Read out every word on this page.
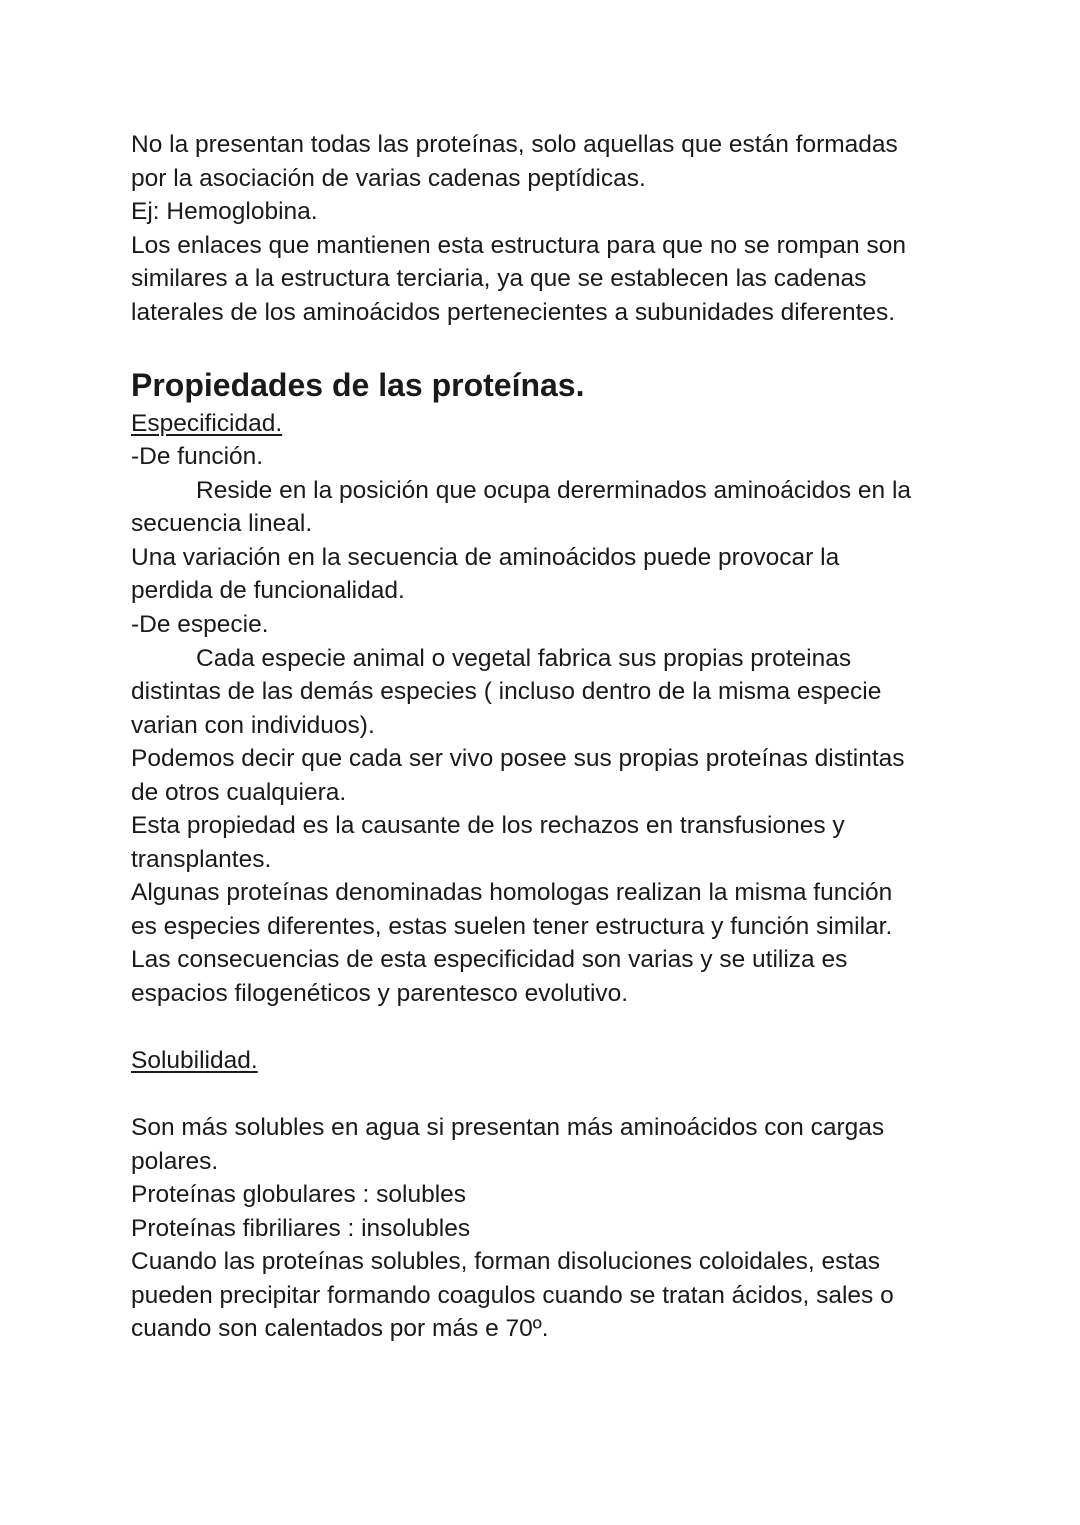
No la presentan todas las proteínas, solo aquellas que están formadas

por la asociación de varias cadenas peptídicas.

Ej: Hemoglobina.

Los enlaces que mantienen esta estructura para que no se rompan son

similares a la estructura terciaria, ya que se establecen las cadenas

laterales de los aminoácidos pertenecientes a subunidades diferentes.

Propiedades de las proteínas.

Especificidad.

-De función.

Reside en la posición que ocupa dererminados aminoácidos en la

secuencia lineal.

Una variación en la secuencia de aminoácidos puede provocar la

perdida de funcionalidad.

-De especie.

Cada especie animal o vegetal fabrica sus propias proteinas

distintas de las demás especies ( incluso dentro de la misma especie

varian con individuos).

Podemos decir que cada ser vivo posee sus propias proteínas distintas

de otros cualquiera.

Esta propiedad es la causante de los rechazos en transfusiones y

transplantes.

Algunas proteínas denominadas homologas realizan la misma función

es especies diferentes, estas suelen tener estructura y función similar.

Las consecuencias de esta especificidad son varias y se utiliza es

espacios filogenéticos y parentesco evolutivo.

Solubilidad.

Son más solubles en agua si presentan más aminoácidos con cargas

polares.

Proteínas globulares : solubles

Proteínas fibriliares : insolubles

Cuando las proteínas solubles, forman disoluciones coloidales, estas

pueden precipitar formando coagulos cuando se tratan ácidos, sales o

cuando son calentados por más e 70º.
